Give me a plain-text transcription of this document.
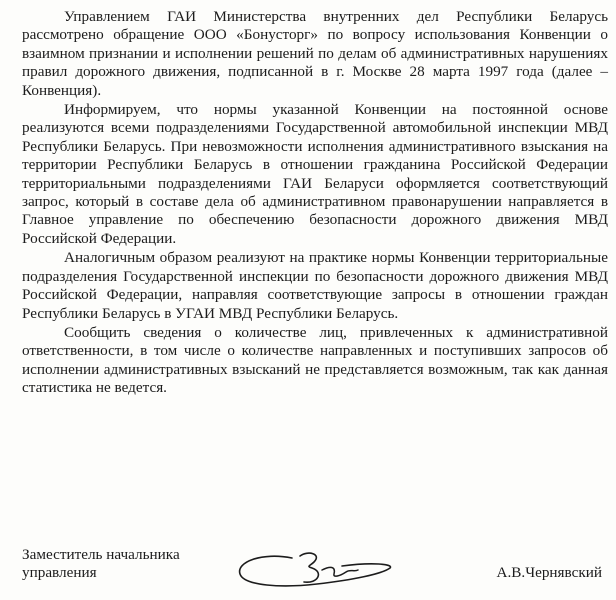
Управлением ГАИ Министерства внутренних дел Республики Беларусь рассмотрено обращение ООО «Бонусторг» по вопросу использования Конвенции о взаимном признании и исполнении решений по делам об административных нарушениях правил дорожного движения, подписанной в г. Москве 28 марта 1997 года (далее – Конвенция).

Информируем, что нормы указанной Конвенции на постоянной основе реализуются всеми подразделениями Государственной автомобильной инспекции МВД Республики Беларусь. При невозможности исполнения административного взыскания на территории Республики Беларусь в отношении гражданина Российской Федерации территориальными подразделениями ГАИ Беларуси оформляется соответствующий запрос, который в составе дела об административном правонарушении направляется в Главное управление по обеспечению безопасности дорожного движения МВД Российской Федерации.

Аналогичным образом реализуют на практике нормы Конвенции территориальные подразделения Государственной инспекции по безопасности дорожного движения МВД Российской Федерации, направляя соответствующие запросы в отношении граждан Республики Беларусь в УГАИ МВД Республики Беларусь.

Сообщить сведения о количестве лиц, привлеченных к административной ответственности, в том числе о количестве направленных и поступивших запросов об исполнении административных взысканий не представляется возможным, так как данная статистика не ведется.

Заместитель начальника
управления	А.В.Чернявский
